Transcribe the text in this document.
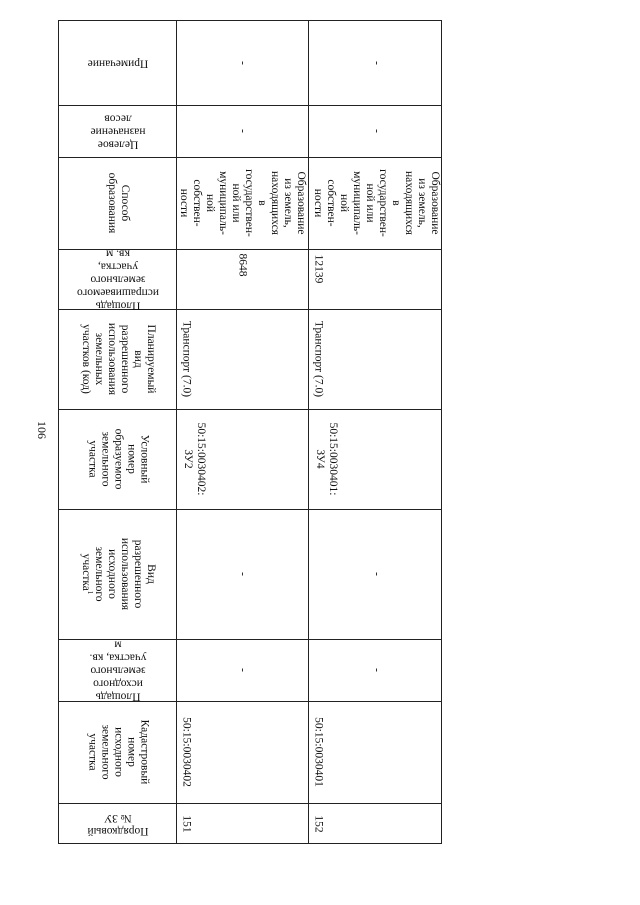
106
Примечание
Целевое
назначение лесов
Способ
образования
Площадь
испрашиваемого
земельного участка,
кв. м
Планируемый
вид
разрешенного
использования
земельных
участков (код)
Условный
номер
образуемого
земельного
участка
Вид разрешенного
использования
исходного
земельного участка$^1$
Площадь
исходного
земельного
участка, кв. м
Кадастровый
номер
исходного
земельного
участка
Порядковый № ЗУ
-
-
Образование
из земель,
находящихся
в
государствен-
ной или
муниципаль-
ной собствен-
ности
8648
Транспорт (7.0)
50:15:0030402:
ЗУ2
-
-
50:15:0030402
151
-
-
Образование
из земель,
находящихся
в
государствен-
ной или
муниципаль-
ной собствен-
ности
12139
Транспорт (7.0)
50:15:0030401:
ЗУ4
-
-
50:15:0030401
152
